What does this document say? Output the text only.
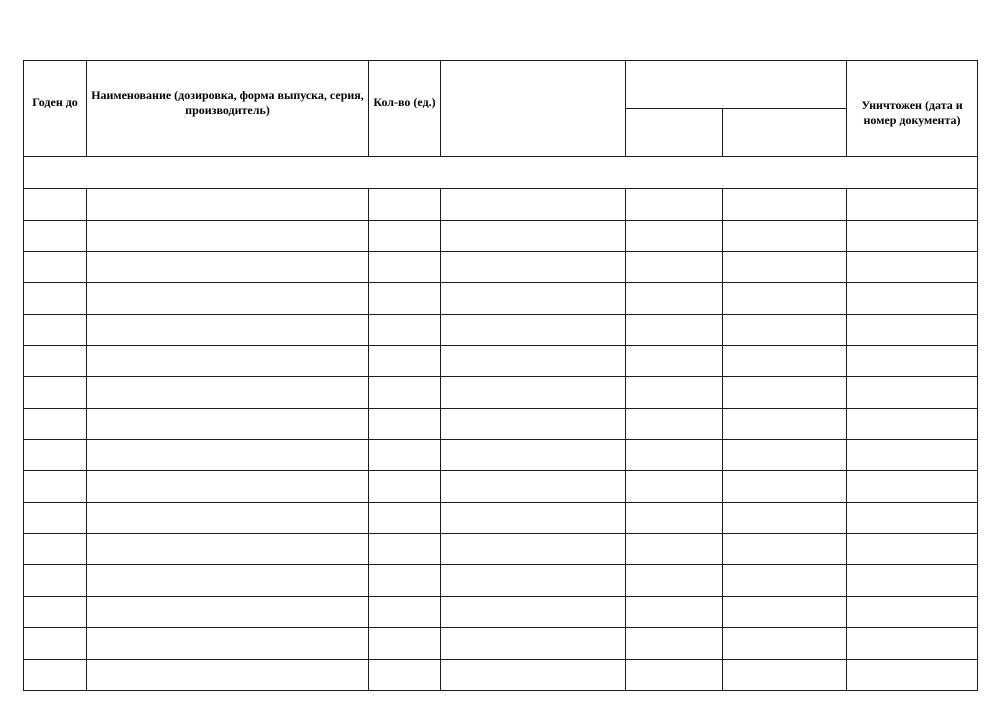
Годен до	Наименование (дозировка, форма выпуска, серия, производитель)	Кол-во (ед.)				Уничтожен (дата и номер документа)
